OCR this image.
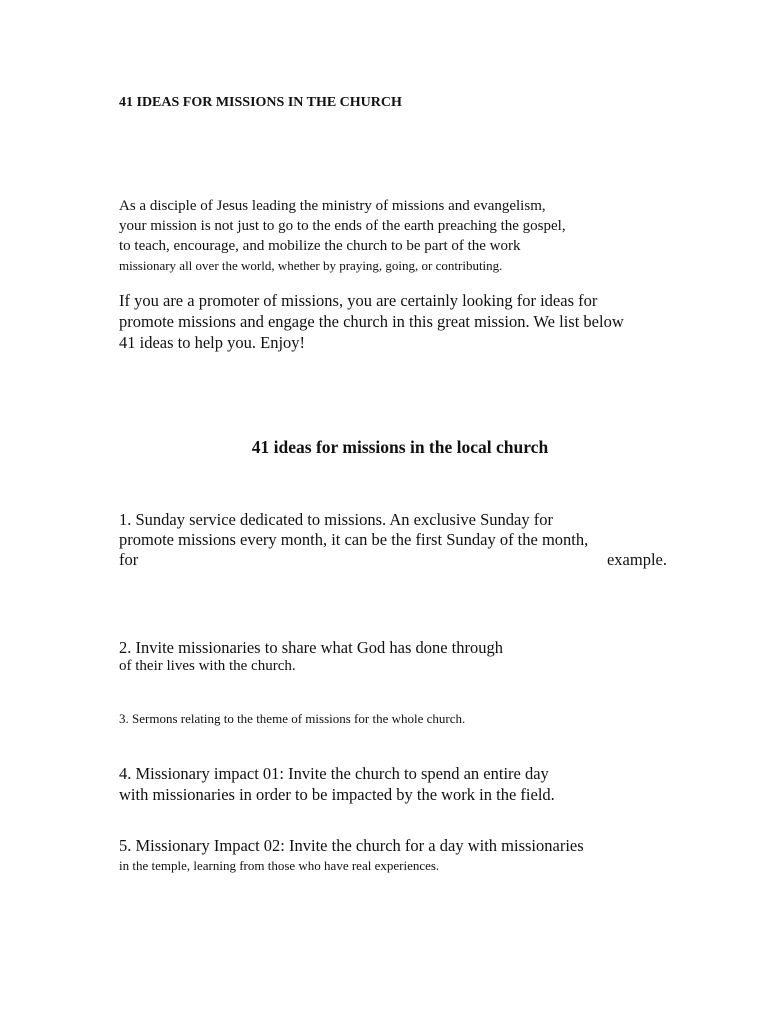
41 IDEAS FOR MISSIONS IN THE CHURCH

As a disciple of Jesus leading the ministry of missions and evangelism,

your mission is not just to go to the ends of the earth preaching the gospel,

to teach, encourage, and mobilize the church to be part of the work

missionary all over the world, whether by praying, going, or contributing.

If you are a promoter of missions, you are certainly looking for ideas for

promote missions and engage the church in this great mission. We list below

41 ideas to help you. Enjoy!

41 ideas for missions in the local church

1. Sunday service dedicated to missions. An exclusive Sunday for

promote missions every month, it can be the first Sunday of the month,

for	example.

2. Invite missionaries to share what God has done through

of their lives with the church.

3. Sermons relating to the theme of missions for the whole church.

4. Missionary impact 01: Invite the church to spend an entire day

with missionaries in order to be impacted by the work in the field.

5. Missionary Impact 02: Invite the church for a day with missionaries

in the temple, learning from those who have real experiences.
